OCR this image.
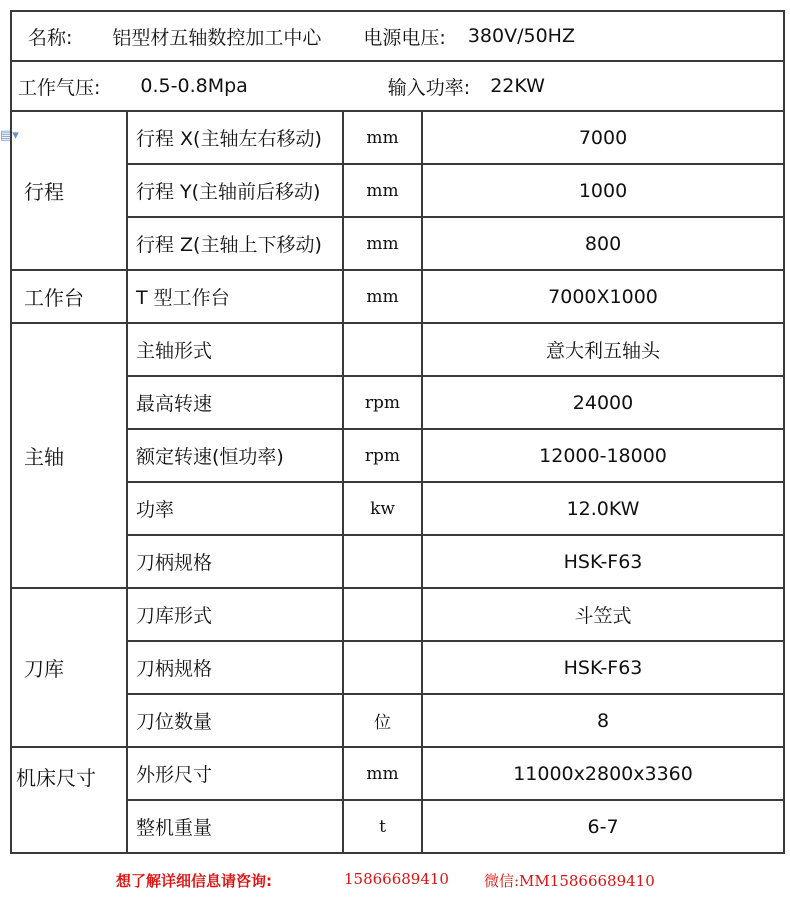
▤▾
名称: 铝型材五轴数控加工中心 电源电压: 380V/50HZ			

工作气压: 0.5-0.8Mpa 输入功率: 22KW			

行程	行程 X(主轴左右移动)	mm	7000
	行程 Y(主轴前后移动)	mm	1000
	行程 Z(主轴上下移动)	mm	800
工作台	T 型工作台	mm	7000X1000
主轴	主轴形式		意大利五轴头
	最高转速	rpm	24000
	额定转速(恒功率)	rpm	12000-18000
	功率	kw	12.0KW
	刀柄规格		HSK-F63
刀库	刀库形式		斗笠式
	刀柄规格		HSK-F63
	刀位数量	位	8
机床尺寸	外形尺寸	mm	11000x2800x3360
	整机重量	t	6-7
想了解详细信息请咨询:	15866689410 微信:MM15866689410
